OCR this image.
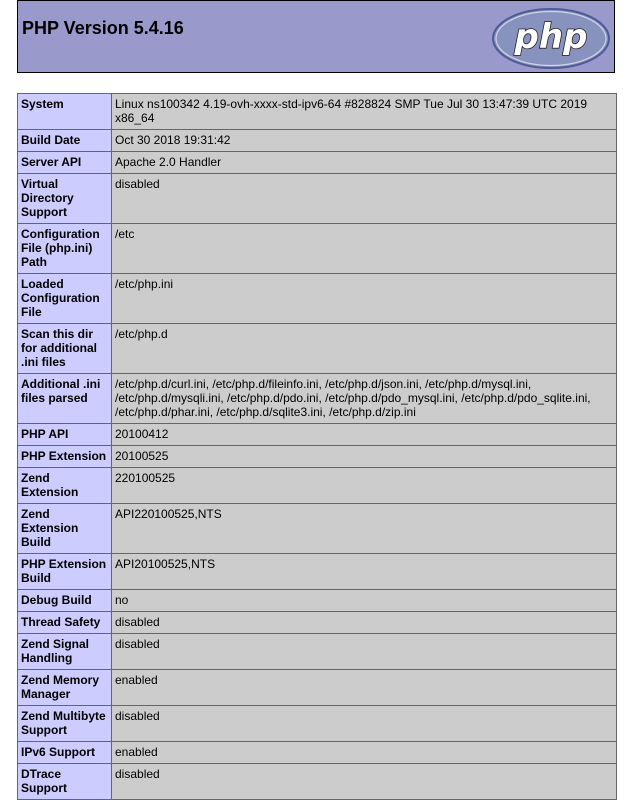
PHP Version 5.4.16	php
System	Linux ns100342 4.19-ovh-xxxx-std-ipv6-64 #828824 SMP Tue Jul 30 13:47:39 UTC 2019 x86_64
Build Date	Oct 30 2018 19:31:42
Server API	Apache 2.0 Handler
Virtual Directory Support	disabled
Configuration File (php.ini) Path	/etc
Loaded Configuration File	/etc/php.ini
Scan this dir for additional .ini files	/etc/php.d
Additional .ini files parsed	/etc/php.d/curl.ini, /etc/php.d/fileinfo.ini, /etc/php.d/json.ini, /etc/php.d/mysql.ini, /etc/php.d/mysqli.ini, /etc/php.d/pdo.ini, /etc/php.d/pdo_mysql.ini, /etc/php.d/pdo_sqlite.ini, /etc/php.d/phar.ini, /etc/php.d/sqlite3.ini, /etc/php.d/zip.ini
PHP API	20100412
PHP Extension	20100525
Zend Extension	220100525
Zend Extension Build	API220100525,NTS
PHP Extension Build	API20100525,NTS
Debug Build	no
Thread Safety	disabled
Zend Signal Handling	disabled
Zend Memory Manager	enabled
Zend Multibyte Support	disabled
IPv6 Support	enabled
DTrace Support	disabled
